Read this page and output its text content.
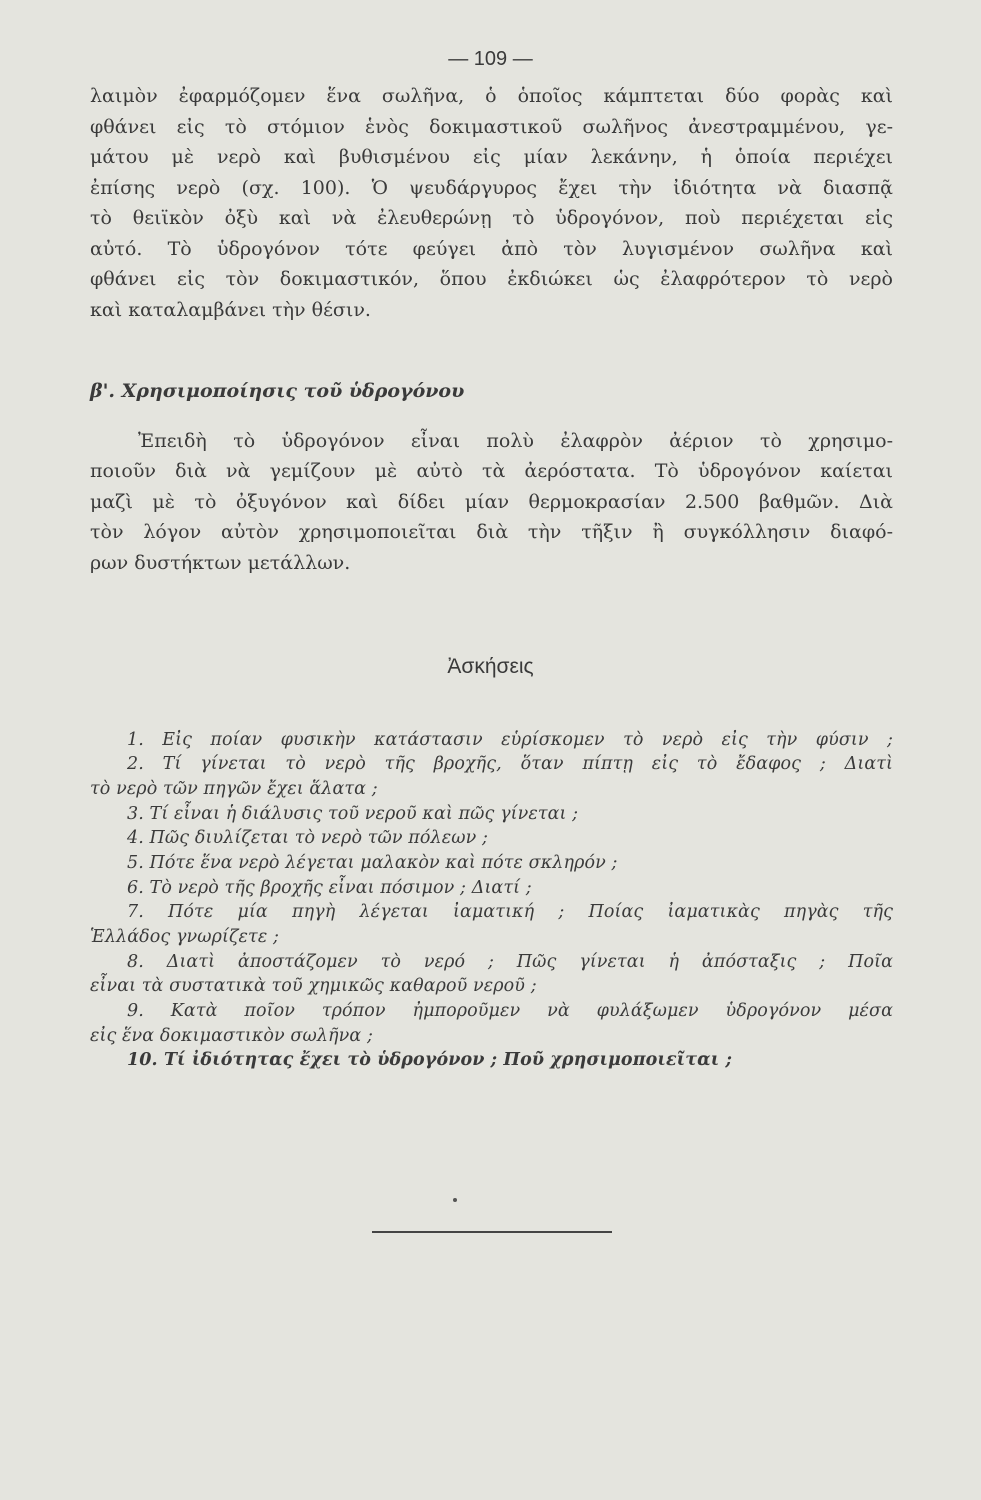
— 109 —
λαιμὸν ἐφαρμόζομεν ἕνα σωλῆνα, ὁ ὁποῖος κάμπτεται δύο φορὰς καὶ
φθάνει εἰς τὸ στόμιον ἑνὸς δοκιμαστικοῦ σωλῆνος ἀνεστραμμένου, γε-
μάτου μὲ νερὸ καὶ βυθισμένου εἰς μίαν λεκάνην, ἡ ὁποία περιέχει
ἐπίσης νερὸ (σχ. 100). Ὁ ψευδάργυρος ἔχει τὴν ἰδιότητα νὰ διασπᾷ
τὸ θειϊκὸν ὀξὺ καὶ νὰ ἐλευθερώνῃ τὸ ὑδρογόνον, ποὺ περιέχεται εἰς
αὐτό. Τὸ ὑδρογόνον τότε φεύγει ἀπὸ τὸν λυγισμένον σωλῆνα καὶ
φθάνει εἰς τὸν δοκιμαστικόν, ὅπου ἐκδιώκει ὡς ἐλαφρότερον τὸ νερὸ
καὶ καταλαμβάνει τὴν θέσιν.
β'. Χρησιμοποίησις τοῦ ὑδρογόνου
Ἐπειδὴ τὸ ὑδρογόνον εἶναι πολὺ ἐλαφρὸν ἀέριον τὸ χρησιμο-
ποιοῦν διὰ νὰ γεμίζουν μὲ αὐτὸ τὰ ἀερόστατα. Τὸ ὑδρογόνον καίεται
μαζὶ μὲ τὸ ὀξυγόνον καὶ δίδει μίαν θερμοκρασίαν 2.500 βαθμῶν. Διὰ
τὸν λόγον αὐτὸν χρησιμοποιεῖται διὰ τὴν τῆξιν ἢ συγκόλλησιν διαφό-
ρων δυστήκτων μετάλλων.
Ἀσκήσεις
1. Εἰς ποίαν φυσικὴν κατάστασιν εὑρίσκομεν τὸ νερὸ εἰς τὴν φύσιν ;
2. Τί γίνεται τὸ νερὸ τῆς βροχῆς, ὅταν πίπτῃ εἰς τὸ ἔδαφος ; Διατὶ
τὸ νερὸ τῶν πηγῶν ἔχει ἅλατα ;
3. Τί εἶναι ἡ διάλυσις τοῦ νεροῦ καὶ πῶς γίνεται ;
4. Πῶς διυλίζεται τὸ νερὸ τῶν πόλεων ;
5. Πότε ἕνα νερὸ λέγεται μαλακὸν καὶ πότε σκληρόν ;
6. Τὸ νερὸ τῆς βροχῆς εἶναι πόσιμον ; Διατί ;
7. Πότε μία πηγὴ λέγεται ἰαματική ; Ποίας ἰαματικὰς πηγὰς τῆς
Ἑλλάδος γνωρίζετε ;
8. Διατὶ ἀποστάζομεν τὸ νερό ; Πῶς γίνεται ἡ ἀπόσταξις ; Ποῖα
εἶναι τὰ συστατικὰ τοῦ χημικῶς καθαροῦ νεροῦ ;
9. Κατὰ ποῖον τρόπον ἠμποροῦμεν νὰ φυλάξωμεν ὑδρογόνον μέσα
εἰς ἕνα δοκιμαστικὸν σωλῆνα ;
10. Τί ἰδιότητας ἔχει τὸ ὑδρογόνον ; Ποῦ χρησιμοποιεῖται ;
